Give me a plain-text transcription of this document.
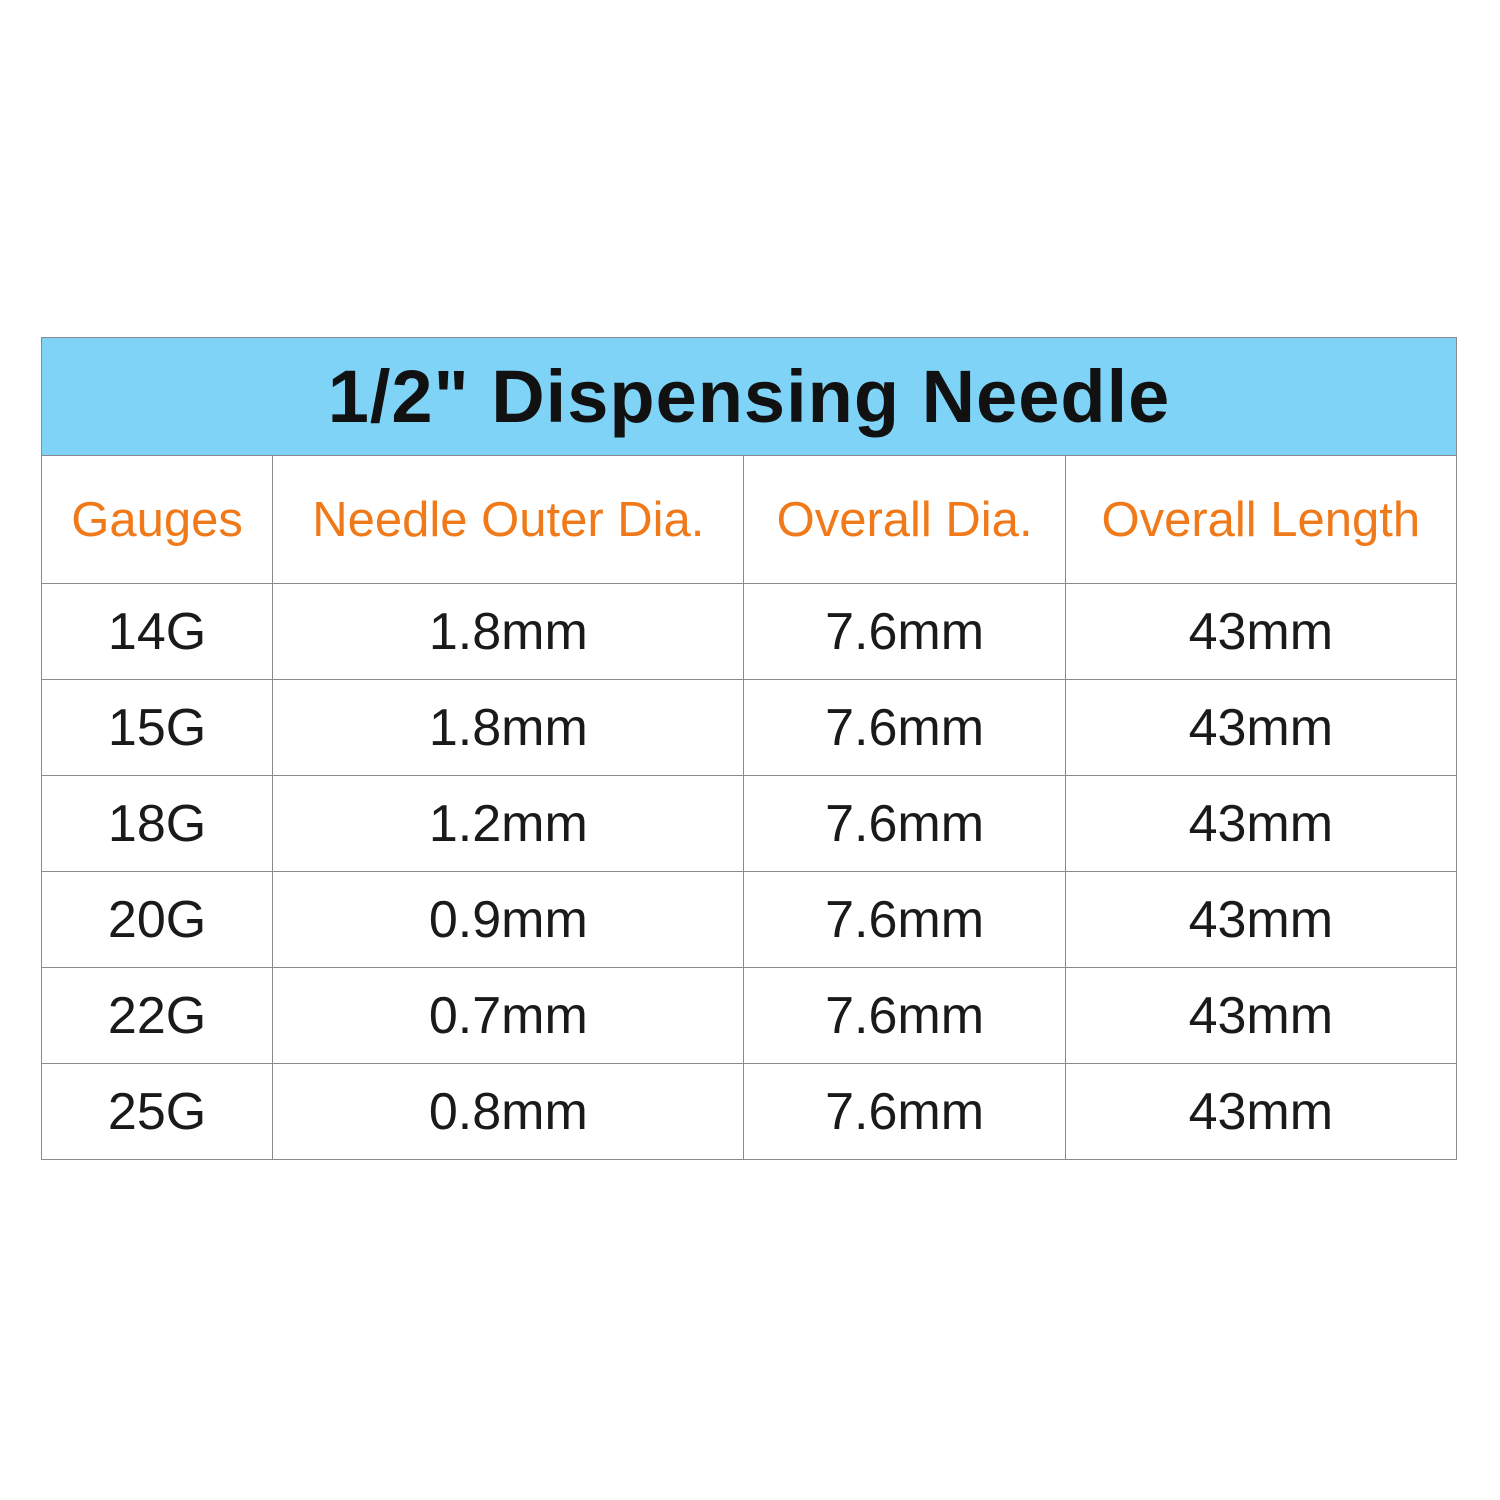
1/2" Dispensing Needle			
Gauges	Needle Outer Dia.	Overall Dia.	Overall Length
14G	1.8mm	7.6mm	43mm
15G	1.8mm	7.6mm	43mm
18G	1.2mm	7.6mm	43mm
20G	0.9mm	7.6mm	43mm
22G	0.7mm	7.6mm	43mm
25G	0.8mm	7.6mm	43mm
